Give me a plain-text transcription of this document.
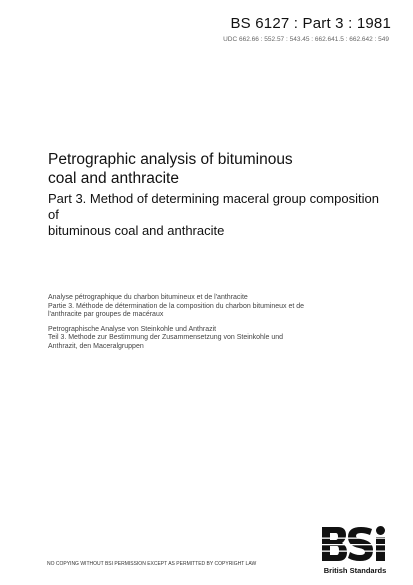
BS 6127 : Part 3 : 1981
UDC 662.66 : 552.57 : 543.45 : 662.641.5 : 662.642 : 549
Petrographic analysis of bituminous
coal and anthracite
Part 3. Method of determining maceral group composition of
bituminous coal and anthracite

Analyse pétrographique du charbon bitumineux et de l'anthracite

Partie 3. Méthode de détermination de la composition du charbon bitumineux et de

l'anthracite par groupes de macéraux

Petrographische Analyse von Steinkohle und Anthrazit

Teil 3. Methode zur Bestimmung der Zusammensetzung von Steinkohle und

Anthrazit, den Maceralgruppen

NO COPYING WITHOUT BSI PERMISSION EXCEPT AS PERMITTED BY COPYRIGHT LAW
British Standards
